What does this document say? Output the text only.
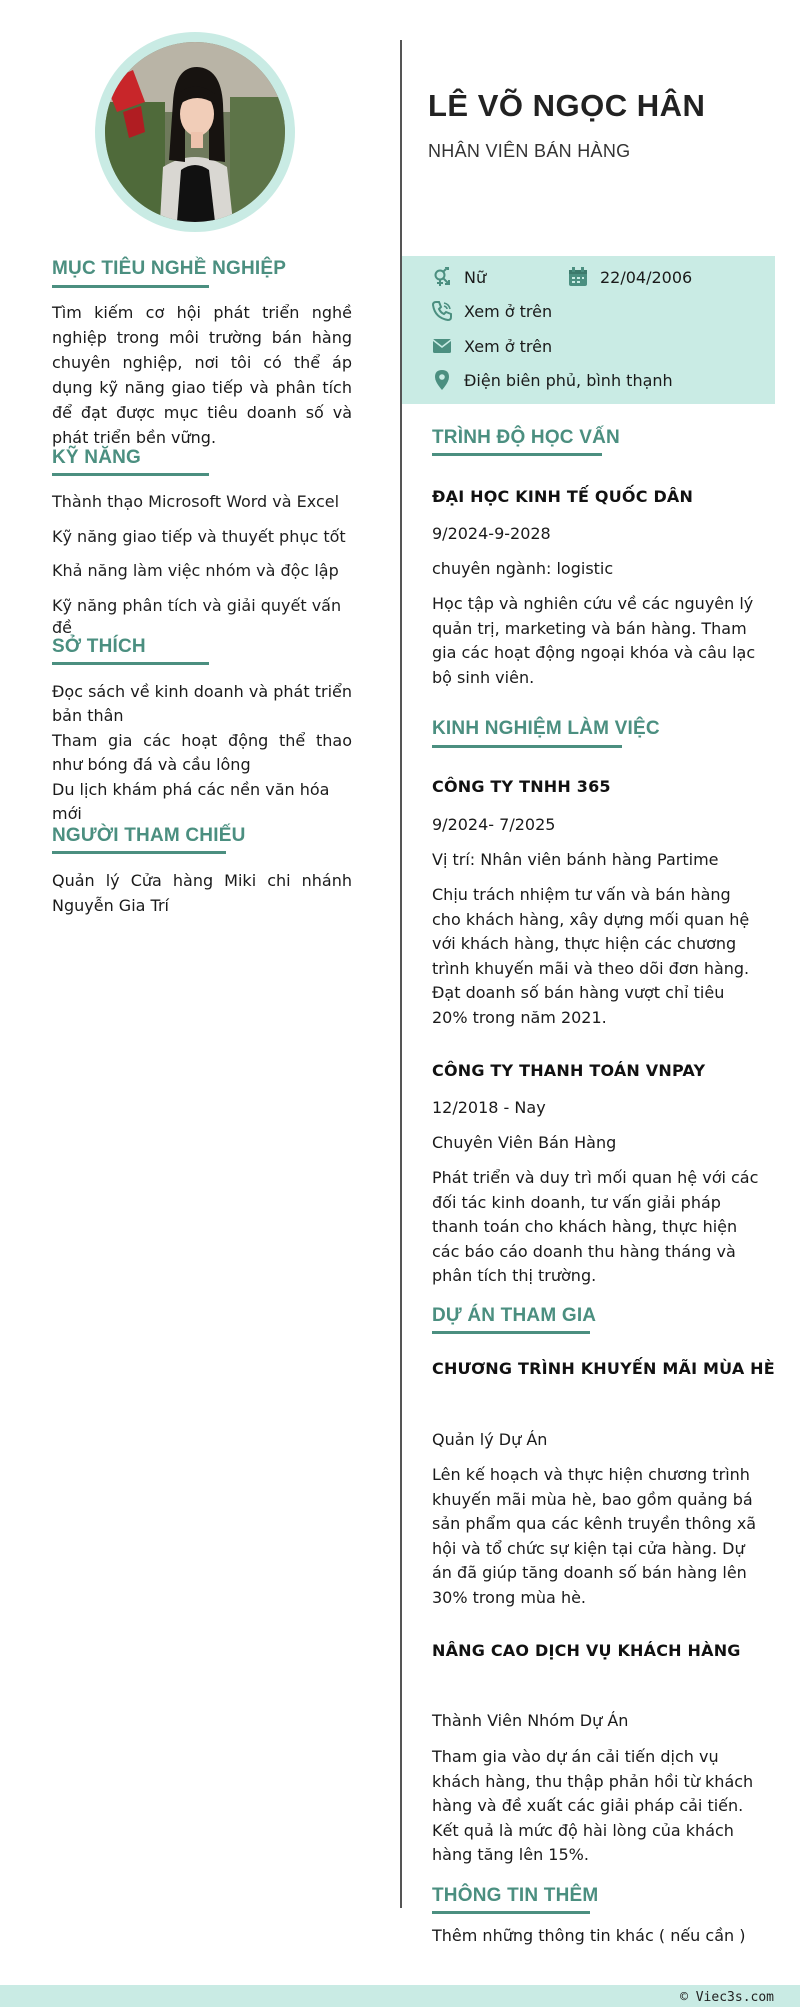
MỤC TIÊU NGHỀ NGHIỆP
Tìm kiếm cơ hội phát triển nghề nghiệp trong môi trường bán hàng chuyên nghiệp, nơi tôi có thể áp dụng kỹ năng giao tiếp và phân tích để đạt được mục tiêu doanh số và phát triển bền vững.
KỸ NĂNG
Thành thạo Microsoft Word và Excel
Kỹ năng giao tiếp và thuyết phục tốt
Khả năng làm việc nhóm và độc lập
Kỹ năng phân tích và giải quyết vấn đề
SỞ THÍCH
Đọc sách về kinh doanh và phát triển bản thân
Tham gia các hoạt động thể thao như bóng đá và cầu lông
Du lịch khám phá các nền văn hóa mới
NGƯỜI THAM CHIẾU
Quản lý Cửa hàng Miki chi nhánh Nguyễn Gia Trí
LÊ VÕ NGỌC HÂN
NHÂN VIÊN BÁN HÀNG
Nữ	22/04/2006
Xem ở trên
Xem ở trên
Điện biên phủ, bình thạnh
TRÌNH ĐỘ HỌC VẤN
ĐẠI HỌC KINH TẾ QUỐC DÂN
9/2024-9-2028
chuyên ngành: logistic
Học tập và nghiên cứu về các nguyên lý quản trị, marketing và bán hàng. Tham gia các hoạt động ngoại khóa và câu lạc bộ sinh viên.
KINH NGHIỆM LÀM VIỆC
CÔNG TY TNHH 365
9/2024- 7/2025
Vị trí: Nhân viên bánh hàng Partime
Chịu trách nhiệm tư vấn và bán hàng cho khách hàng, xây dựng mối quan hệ với khách hàng, thực hiện các chương trình khuyến mãi và theo dõi đơn hàng. Đạt doanh số bán hàng vượt chỉ tiêu 20% trong năm 2021.
CÔNG TY THANH TOÁN VNPAY
12/2018 - Nay
Chuyên Viên Bán Hàng
Phát triển và duy trì mối quan hệ với các đối tác kinh doanh, tư vấn giải pháp thanh toán cho khách hàng, thực hiện các báo cáo doanh thu hàng tháng và phân tích thị trường.
DỰ ÁN THAM GIA
CHƯƠNG TRÌNH KHUYẾN MÃI MÙA HÈ
Quản lý Dự Án
Lên kế hoạch và thực hiện chương trình khuyến mãi mùa hè, bao gồm quảng bá sản phẩm qua các kênh truyền thông xã hội và tổ chức sự kiện tại cửa hàng. Dự án đã giúp tăng doanh số bán hàng lên 30% trong mùa hè.
NÂNG CAO DỊCH VỤ KHÁCH HÀNG
Thành Viên Nhóm Dự Án
Tham gia vào dự án cải tiến dịch vụ khách hàng, thu thập phản hồi từ khách hàng và đề xuất các giải pháp cải tiến. Kết quả là mức độ hài lòng của khách hàng tăng lên 15%.
THÔNG TIN THÊM
Thêm những thông tin khác ( nếu cần )
© Viec3s.com
